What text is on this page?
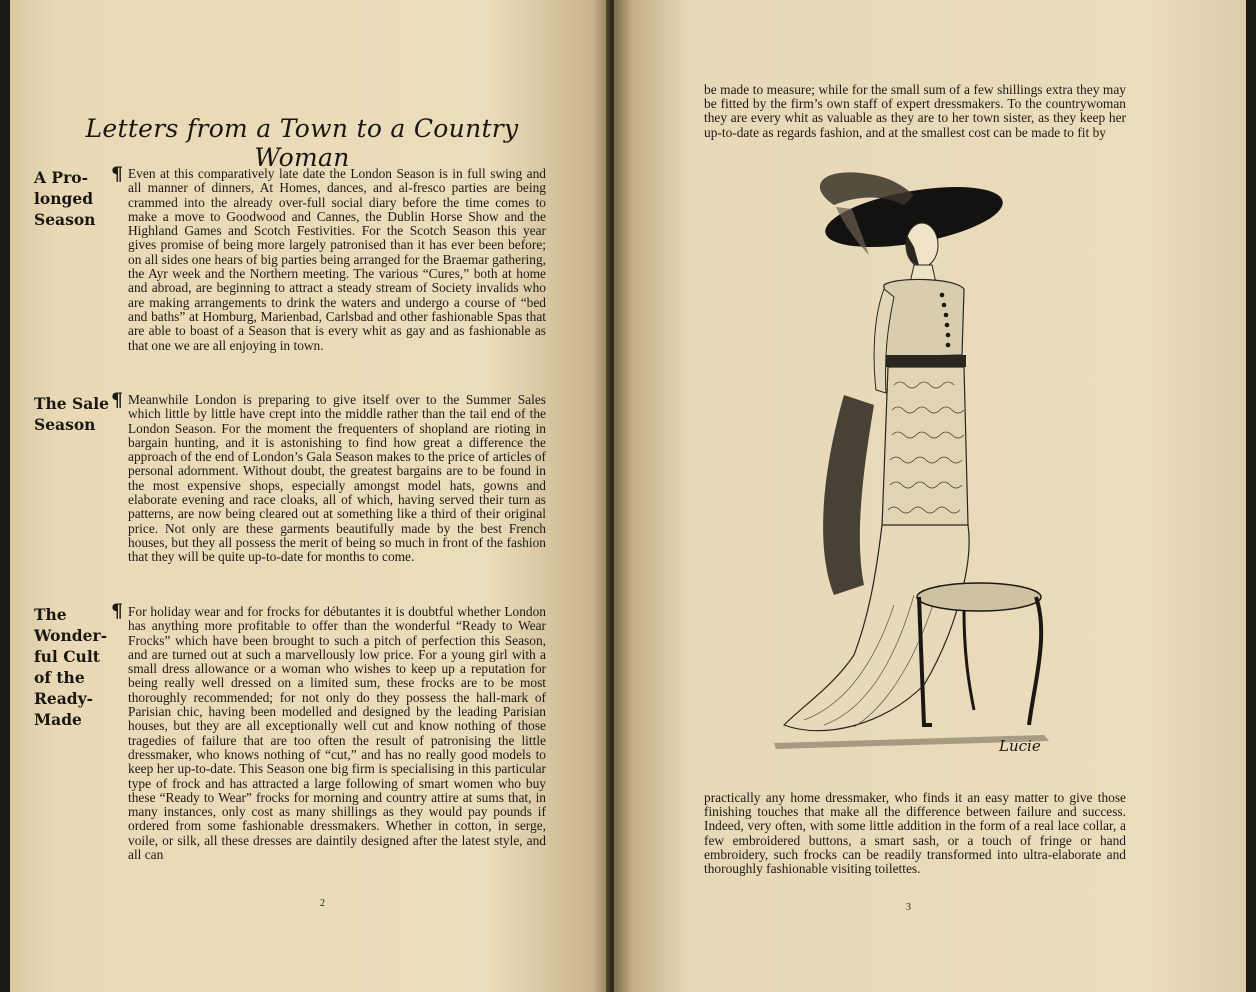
Letters from a Town to a Country Woman
A Pro-
longed
Season
¶ Even at this comparatively late date the London Season is in full swing and all manner of dinners, At Homes, dances, and al-fresco parties are being crammed into the already over-full social diary before the time comes to make a move to Goodwood and Cannes, the Dublin Horse Show and the Highland Games and Scotch Festivities. For the Scotch Season this year gives promise of being more largely patronised than it has ever been before; on all sides one hears of big parties being arranged for the Braemar gathering, the Ayr week and the Northern meeting. The various “Cures,” both at home and abroad, are beginning to attract a steady stream of Society invalids who are making arrangements to drink the waters and undergo a course of “bed and baths” at Homburg, Marienbad, Carlsbad and other fashionable Spas that are able to boast of a Season that is every whit as gay and as fashionable as that one we are all enjoying in town.
The Sale
Season
¶ Meanwhile London is preparing to give itself over to the Summer Sales which little by little have crept into the middle rather than the tail end of the London Season. For the moment the frequenters of shopland are rioting in bargain hunting, and it is astonishing to find how great a difference the approach of the end of London’s Gala Season makes to the price of articles of personal adornment. Without doubt, the greatest bargains are to be found in the most expensive shops, especially amongst model hats, gowns and elaborate evening and race cloaks, all of which, having served their turn as patterns, are now being cleared out at something like a third of their original price. Not only are these garments beautifully made by the best French houses, but they all possess the merit of being so much in front of the fashion that they will be quite up-to-date for months to come.
The
Wonder-
ful Cult
of the
Ready-
Made
¶ For holiday wear and for frocks for débutantes it is doubtful whether London has anything more profitable to offer than the wonderful “Ready to Wear Frocks” which have been brought to such a pitch of perfection this Season, and are turned out at such a marvellously low price. For a young girl with a small dress allowance or a woman who wishes to keep up a reputation for being really well dressed on a limited sum, these frocks are to be most thoroughly recommended; for not only do they possess the hall-mark of Parisian chic, having been modelled and designed by the leading Parisian houses, but they are all exceptionally well cut and know nothing of those tragedies of failure that are too often the result of patronising the little dressmaker, who knows nothing of “cut,” and has no really good models to keep her up-to-date. This Season one big firm is specialising in this particular type of frock and has attracted a large following of smart women who buy these “Ready to Wear” frocks for morning and country attire at sums that, in many instances, only cost as many shillings as they would pay pounds if ordered from some fashionable dressmakers. Whether in cotton, in serge, voile, or silk, all these dresses are daintily designed after the latest style, and all can
2
be made to measure; while for the small sum of a few shillings extra they may be fitted by the firm’s own staff of expert dressmakers. To the countrywoman they are every whit as valuable as they are to her town sister, as they keep her up-to-date as regards fashion, and at the smallest cost can be made to fit by
Lucie
practically any home dressmaker, who finds it an easy matter to give those finishing touches that make all the difference between failure and success. Indeed, very often, with some little addition in the form of a real lace collar, a few embroidered buttons, a smart sash, or a touch of fringe or hand embroidery, such frocks can be readily transformed into ultra-elaborate and thoroughly fashionable visiting toilettes.
3
